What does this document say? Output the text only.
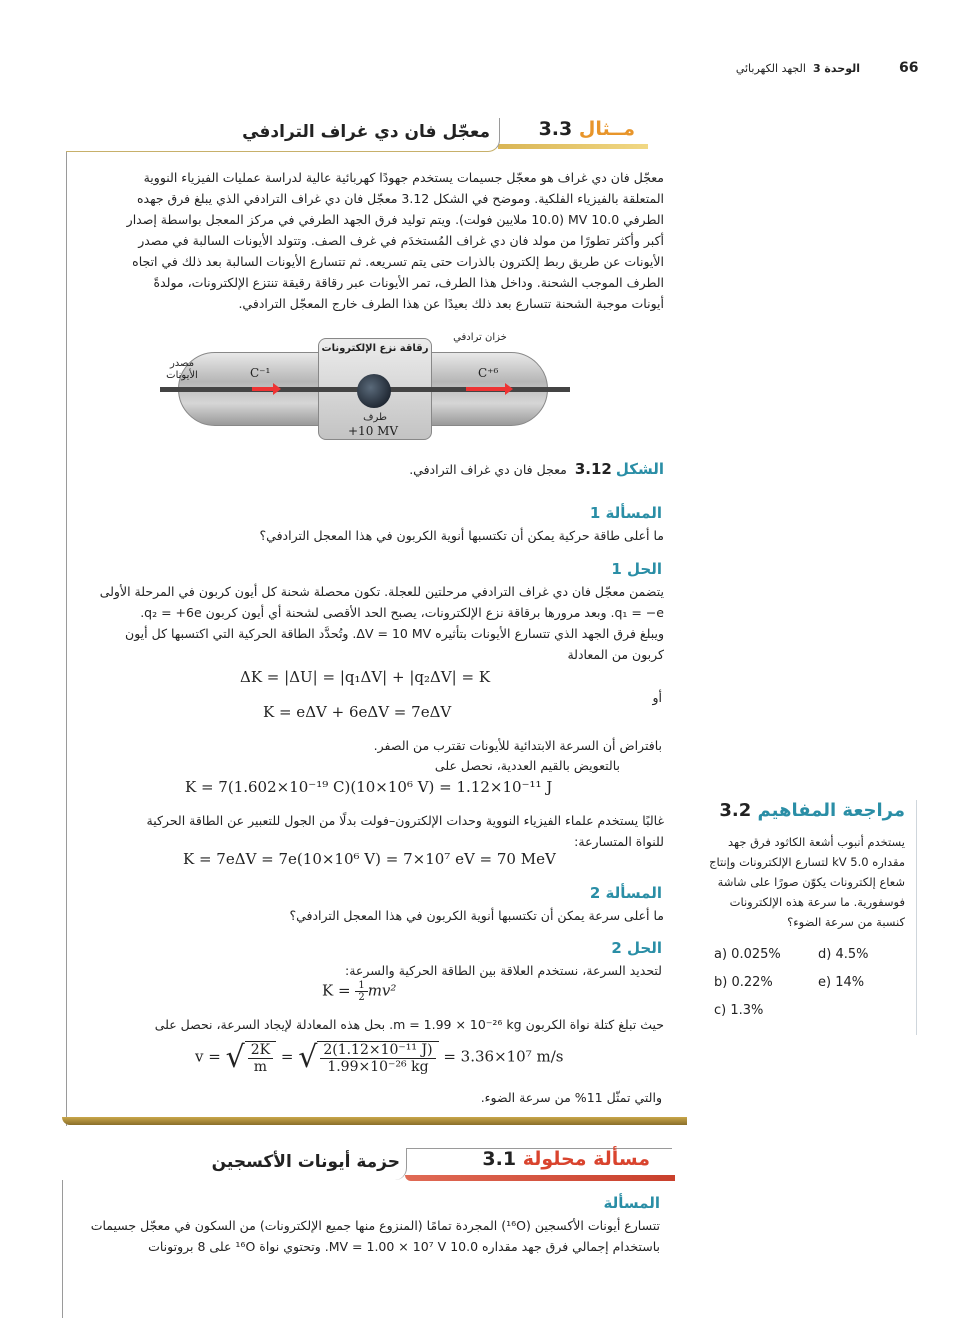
66
الوحدة 3  الجهد الكهربائي
مــثال 3.3
معجّل فان دي غراف الترادفي
معجّل فان دي غراف هو معجّل جسيمات يستخدم جهودًا كهربائية عالية لدراسة عمليات الفيزياء النووية
المتعلقة بالفيزياء الفلكية. وموضح في الشكل 3.12 معجّل فان دي غراف الترادفي الذي يبلغ فرق جهده
الطرفي 10.0 MV (10.0 ملايين فولت). ويتم توليد فرق الجهد الطرفي في مركز المعجل بواسطة إصدار
أكبر وأكثر تطورًا من مولد فان دي غراف المُستخدَم في غرف الصف. وتتولد الأيونات السالبة في مصدر
الأيونات عن طريق ربط إلكترون بالذرات حتى يتم تسريعه. ثم تتسارع الأيونات السالبة بعد ذلك في اتجاه
الطرف الموجب الشحنة. وداخل هذا الطرف، تمر الأيونات عبر رقاقة رقيقة تنتزع الإلكترونات، مولدةً
أيونات موجبة الشحنة تتسارع بعد ذلك بعيدًا عن هذا الطرف خارج المعجّل الترادفي.
خزان ترادفي
رقاقة نزع الإلكترونات
مصدر الأيونات	C⁻¹	C⁺⁶
طرف
+10 MV
الشكل 3.12  معجل فان دي غراف الترادفي.
المسألة 1
ما أعلى طاقة حركية يمكن أن تكتسبها أنوية الكربون في هذا المعجل الترادفي؟
الحل 1
يتضمن معجّل فان دي غراف الترادفي مرحلتين للعجلة. تكون محصلة شحنة كل أيون كربون في المرحلة الأولى
q₁ = −e. وبعد مرورها برقاقة نزع الإلكترونات، يصبح الحد الأقصى لشحنة أي أيون كربون q₂ = +6e.
ويبلغ فرق الجهد الذي تتسارع الأيونات بتأثيره ΔV = 10 MV. وتُحدَّد الطاقة الحركية التي اكتسبها كل أيون
كربون من المعادلة
ΔK = |ΔU| = |q₁ΔV| + |q₂ΔV| = K
أو
K = eΔV + 6eΔV = 7eΔV
بافتراض أن السرعة الابتدائية للأيونات تقترب من الصفر.
بالتعويض بالقيم العددية، نحصل على
K = 7(1.602×10⁻¹⁹ C)(10×10⁶ V) = 1.12×10⁻¹¹ J
غالبًا يستخدم علماء الفيزياء النووية وحدات الإلكترون–فولت بدلًا من الجول للتعبير عن الطاقة الحركية
للنواة المتسارعة:
K = 7eΔV = 7e(10×10⁶ V) = 7×10⁷ eV = 70 MeV
المسألة 2
ما أعلى سرعة يمكن أن تكتسبها أنوية الكربون في هذا المعجل الترادفي؟
الحل 2
لتحديد السرعة، نستخدم العلاقة بين الطاقة الحركية والسرعة:
$K = \frac{1}{2} mv^2$
حيث تبلغ كتلة نواة الكربون m = 1.99 × 10⁻²⁶ kg. بحل هذه المعادلة لإيجاد السرعة، نحصل على
v = √ $\frac{2K}{m}$ = √ $\frac{\text{2(1.12×10⁻¹¹ J)}}{\text{1.99×10⁻²⁶ kg}} = 3.36\times 10^7$ m/s
والتي تمثّل 11% من سرعة الضوء.
مراجعة المفاهيم 3.2
يستخدم أنبوب أشعة الكاثود فرق جهد مقداره 5.0 kV لتسارع الإلكترونات وإنتاج شعاع إلكترونات يكوّن صورًا على شاشة فوسفورية. ما سرعة هذه الإلكترونات كنسبة من سرعة الضوء؟
a) 0.025%
b) 0.22%
c) 1.3%
d) 4.5%
e) 14%
مسألة محلولة 3.1
حزمة أيونات الأكسجين
المسألة
تتسارع أيونات الأكسجين (¹⁶O) المجردة تمامًا (المنزوع منها جميع الإلكترونات) من السكون في معجّل جسيمات
باستخدام إجمالي فرق جهد مقداره 10.0 MV = 1.00 × 10⁷ V. وتحتوي نواة ¹⁶O على 8 بروتونات
